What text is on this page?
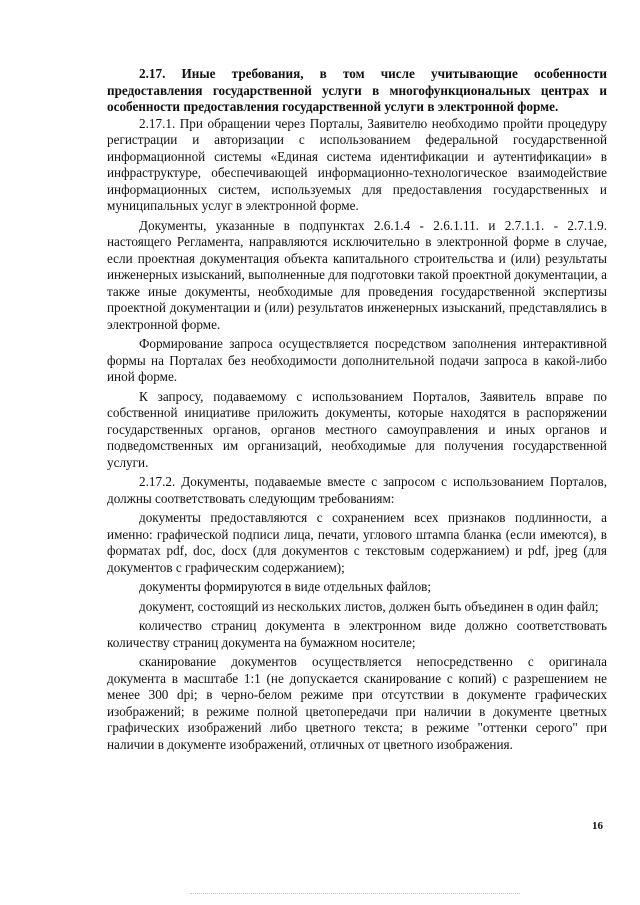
2.17. Иные требования, в том числе учитывающие особенности предоставления государственной услуги в многофункциональных центрах и особенности предоставления государственной услуги в электронной форме.

2.17.1. При обращении через Порталы, Заявителю необходимо пройти процедуру регистрации и авторизации с использованием федеральной государственной информационной системы «Единая система идентификации и аутентификации» в инфраструктуре, обеспечивающей информационно-технологическое взаимодействие информационных систем, используемых для предоставления государственных и муниципальных услуг в электронной форме.

Документы, указанные в подпунктах 2.6.1.4 - 2.6.1.11. и 2.7.1.1. - 2.7.1.9. настоящего Регламента, направляются исключительно в электронной форме в случае, если проектная документация объекта капитального строительства и (или) результаты инженерных изысканий, выполненные для подготовки такой проектной документации, а также иные документы, необходимые для проведения государственной экспертизы проектной документации и (или) результатов инженерных изысканий, представлялись в электронной форме.

Формирование запроса осуществляется посредством заполнения интерактивной формы на Порталах без необходимости дополнительной подачи запроса в какой-либо иной форме.

К запросу, подаваемому с использованием Порталов, Заявитель вправе по собственной инициативе приложить документы, которые находятся в распоряжении государственных органов, органов местного самоуправления и иных органов и подведомственных им организаций, необходимые для получения государственной услуги.

2.17.2. Документы, подаваемые вместе с запросом с использованием Порталов, должны соответствовать следующим требованиям:

документы предоставляются с сохранением всех признаков подлинности, а именно: графической подписи лица, печати, углового штампа бланка (если имеются), в форматах pdf, doc, docx (для документов с текстовым содержанием) и pdf, jpeg (для документов с графическим содержанием);

документы формируются в виде отдельных файлов;

документ, состоящий из нескольких листов, должен быть объединен в один файл;

количество страниц документа в электронном виде должно соответствовать количеству страниц документа на бумажном носителе;

сканирование документов осуществляется непосредственно с оригинала документа в масштабе 1:1 (не допускается сканирование с копий) с разрешением не менее 300 dpi; в черно-белом режиме при отсутствии в документе графических изображений; в режиме полной цветопередачи при наличии в документе цветных графических изображений либо цветного текста; в режиме "оттенки серого" при наличии в документе изображений, отличных от цветного изображения.

16
